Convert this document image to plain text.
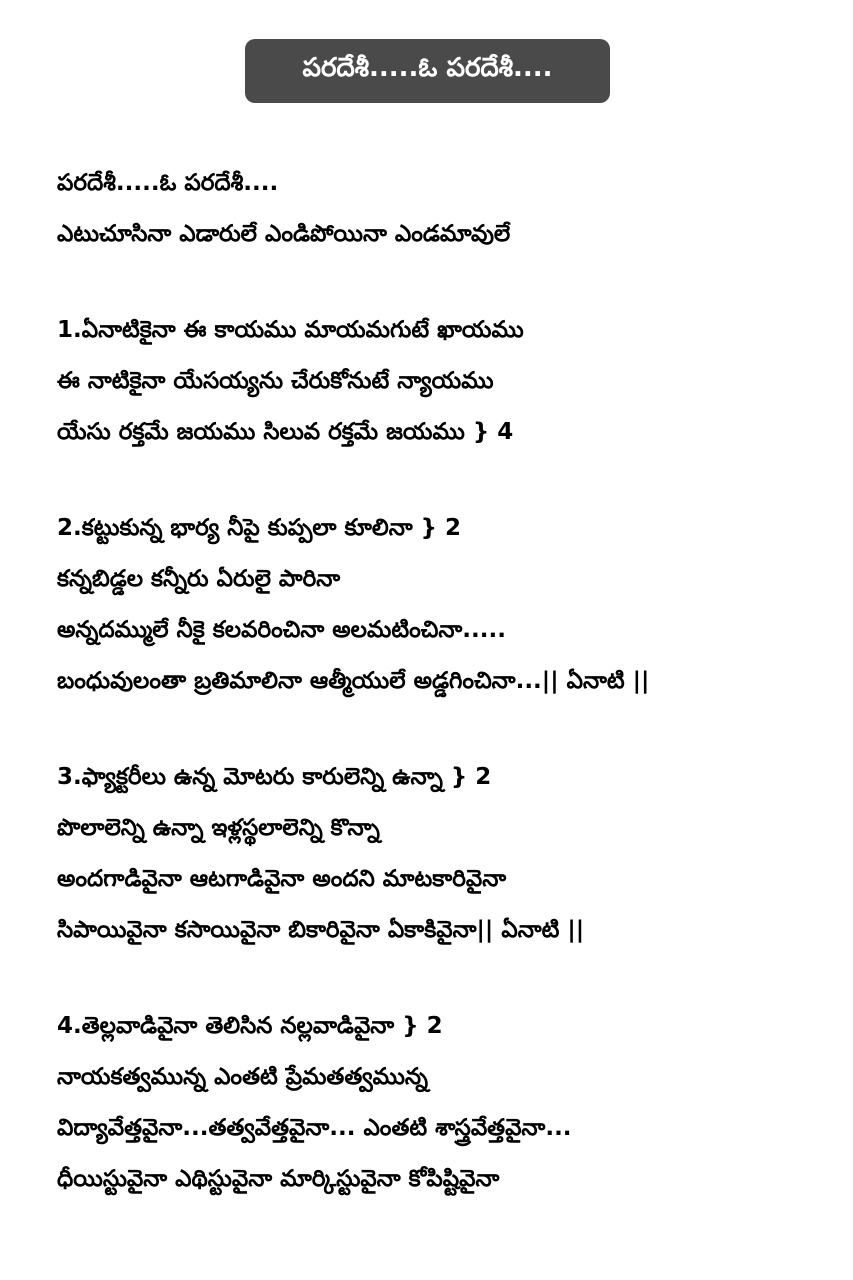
పరదేశీ.....ఓ పరదేశీ....
పరదేశీ.....ఓ పరదేశీ....
ఎటుచూసినా ఎడారులే ఎండిపోయినా ఎండమావులే
1.ఏనాటికైనా ఈ కాయము మాయమగుటే ఖాయము
ఈ నాటికైనా యేసయ్యను చేరుకోనుటే న్యాయము
యేసు రక్తమే జయము సిలువ రక్తమే జయము } 4
2.కట్టుకున్న భార్య నీపై కుప్పలా కూలినా } 2
కన్నబిడ్డల కన్నీరు ఏరులై పారినా
అన్నదమ్ములే నీకై కలవరించినా అలమటించినా.....
బంధువులంతా బ్రతిమాలినా ఆత్మీయులే అడ్డగించినా...|| ఏనాటి ||
3.ఫ్యాక్టరీలు ఉన్న మోటరు కారులెన్ని ఉన్నా } 2
పొలాలెన్ని ఉన్నా ఇళ్లస్థలాలెన్ని కొన్నా
అందగాడివైనా ఆటగాడివైనా అందని మాటకారివైనా
సిపాయివైనా కసాయివైనా బికారివైనా ఏకాకివైనా|| ఏనాటి ||
4.తెల్లవాడివైనా తెలిసిన నల్లవాడివైనా } 2
నాయకత్వమున్న ఎంతటి ప్రేమతత్వమున్న
విద్యావేత్తవైనా...తత్వవేత్తవైనా... ఎంతటి శాస్త్రవేత్తవైనా...
ధీయిస్టువైనా ఎథిస్టువైనా మార్కిస్టువైనా కోపిష్టివైనా
